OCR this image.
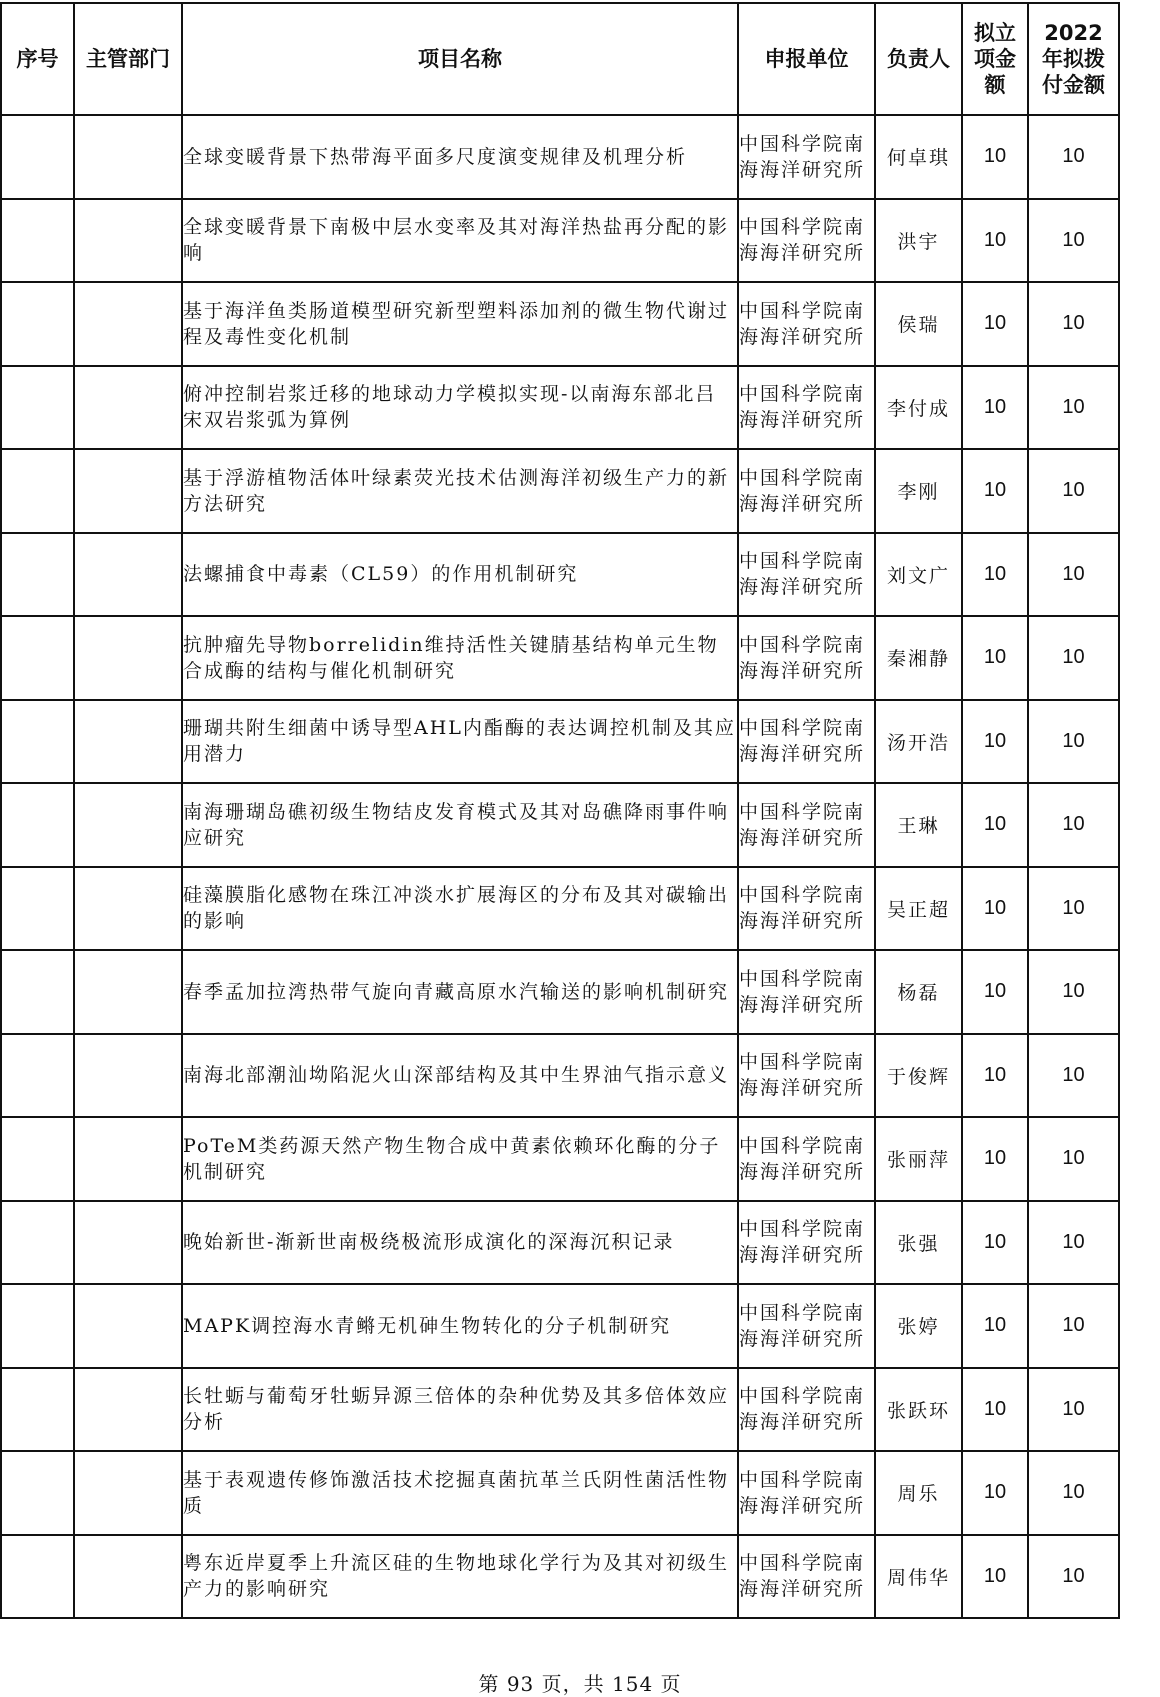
序号	主管部门	项目名称	申报单位	负责人	拟立项金额	2022年拟拨付金额
		全球变暖背景下热带海平面多尺度演变规律及机理分析	中国科学院南海海洋研究所	何卓琪	10	10
		全球变暖背景下南极中层水变率及其对海洋热盐再分配的影响	中国科学院南海海洋研究所	洪宇	10	10
		基于海洋鱼类肠道模型研究新型塑料添加剂的微生物代谢过程及毒性变化机制	中国科学院南海海洋研究所	侯瑞	10	10
		俯冲控制岩浆迁移的地球动力学模拟实现-以南海东部北吕宋双岩浆弧为算例	中国科学院南海海洋研究所	李付成	10	10
		基于浮游植物活体叶绿素荧光技术估测海洋初级生产力的新方法研究	中国科学院南海海洋研究所	李刚	10	10
		法螺捕食中毒素（CL59）的作用机制研究	中国科学院南海海洋研究所	刘文广	10	10
		抗肿瘤先导物borrelidin维持活性关键腈基结构单元生物合成酶的结构与催化机制研究	中国科学院南海海洋研究所	秦湘静	10	10
		珊瑚共附生细菌中诱导型AHL内酯酶的表达调控机制及其应用潜力	中国科学院南海海洋研究所	汤开浩	10	10
		南海珊瑚岛礁初级生物结皮发育模式及其对岛礁降雨事件响应研究	中国科学院南海海洋研究所	王琳	10	10
		硅藻膜脂化感物在珠江冲淡水扩展海区的分布及其对碳输出的影响	中国科学院南海海洋研究所	吴正超	10	10
		春季孟加拉湾热带气旋向青藏高原水汽输送的影响机制研究	中国科学院南海海洋研究所	杨磊	10	10
		南海北部潮汕坳陷泥火山深部结构及其中生界油气指示意义	中国科学院南海海洋研究所	于俊辉	10	10
		PoTeM类药源天然产物生物合成中黄素依赖环化酶的分子机制研究	中国科学院南海海洋研究所	张丽萍	10	10
		晚始新世-渐新世南极绕极流形成演化的深海沉积记录	中国科学院南海海洋研究所	张强	10	10
		MAPK调控海水青鳉无机砷生物转化的分子机制研究	中国科学院南海海洋研究所	张婷	10	10
		长牡蛎与葡萄牙牡蛎异源三倍体的杂种优势及其多倍体效应分析	中国科学院南海海洋研究所	张跃环	10	10
		基于表观遗传修饰激活技术挖掘真菌抗革兰氏阴性菌活性物质	中国科学院南海海洋研究所	周乐	10	10
		粤东近岸夏季上升流区硅的生物地球化学行为及其对初级生产力的影响研究	中国科学院南海海洋研究所	周伟华	10	10
第 93 页，共 154 页
